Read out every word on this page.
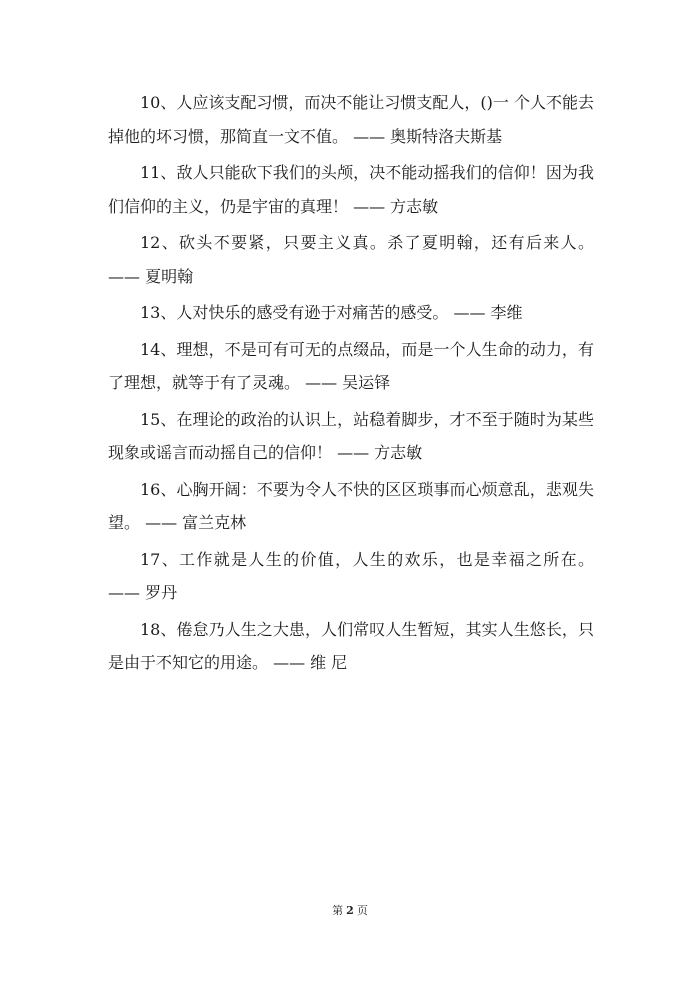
10、人应该支配习惯，而决不能让习惯支配人，()一 个人不能去掉他的坏习惯，那简直一文不值。 —— 奥斯特洛夫斯基

11、敌人只能砍下我们的头颅，决不能动摇我们的信仰！因为我们信仰的主义，仍是宇宙的真理！ —— 方志敏

12、砍头不要紧，只要主义真。杀了夏明翰，还有后来人。 —— 夏明翰

13、人对快乐的感受有逊于对痛苦的感受。 —— 李维

14、理想，不是可有可无的点缀品，而是一个人生命的动力，有了理想，就等于有了灵魂。 —— 吴运铎

15、在理论的政治的认识上，站稳着脚步，才不至于随时为某些现象或谣言而动摇自己的信仰！ —— 方志敏

16、心胸开阔：不要为令人不快的区区琐事而心烦意乱，悲观失望。 —— 富兰克林

17、工作就是人生的价值，人生的欢乐，也是幸福之所在。 —— 罗丹

18、倦怠乃人生之大患，人们常叹人生暂短，其实人生悠长，只是由于不知它的用途。 —— 维 尼

第 2 页
